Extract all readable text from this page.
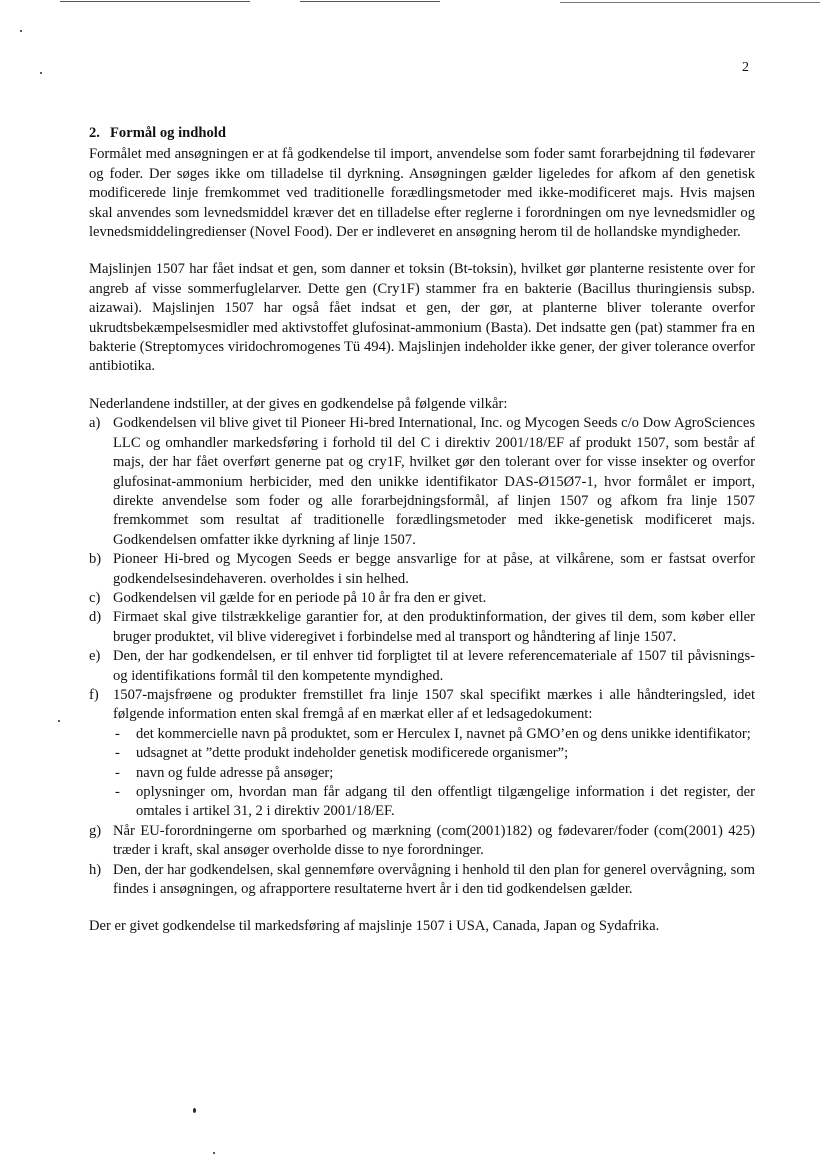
2
2. Formål og indhold

Formålet med ansøgningen er at få godkendelse til import, anvendelse som foder samt forarbejdning til fødevarer og foder. Der søges ikke om tilladelse til dyrkning. Ansøgningen gælder ligeledes for afkom af den genetisk modificerede linje fremkommet ved traditionelle forædlingsmetoder med ikke-modificeret majs. Hvis majsen skal anvendes som levnedsmiddel kræver det en tilladelse efter reglerne i forordningen om nye levnedsmidler og levnedsmiddelingredienser (Novel Food). Der er indleveret en ansøgning herom til de hollandske myndigheder.

Majslinjen 1507 har fået indsat et gen, som danner et toksin (Bt-toksin), hvilket gør planterne resistente over for angreb af visse sommerfuglelarver. Dette gen (Cry1F) stammer fra en bakterie (Bacillus thuringiensis subsp. aizawai). Majslinjen 1507 har også fået indsat et gen, der gør, at planterne bliver tolerante overfor ukrudtsbekæmpelsesmidler med aktivstoffet glufosinat-ammonium (Basta). Det indsatte gen (pat) stammer fra en bakterie (Streptomyces viridochromogenes Tü 494). Majslinjen indeholder ikke gener, der giver tolerance overfor antibiotika.

Nederlandene indstiller, at der gives en godkendelse på følgende vilkår:

a) Godkendelsen vil blive givet til Pioneer Hi-bred International, Inc. og Mycogen Seeds c/o Dow AgroSciences LLC og omhandler markedsføring i forhold til del C i direktiv 2001/18/EF af produkt 1507, som består af majs, der har fået overført generne pat og cry1F, hvilket gør den tolerant over for visse insekter og overfor glufosinat-ammonium herbicider, med den unikke identifikator DAS-Ø15Ø7-1, hvor formålet er import, direkte anvendelse som foder og alle forarbejdningsformål, af linjen 1507 og afkom fra linje 1507 fremkommet som resultat af traditionelle forædlingsmetoder med ikke-genetisk modificeret majs. Godkendelsen omfatter ikke dyrkning af linje 1507.
b) Pioneer Hi-bred og Mycogen Seeds er begge ansvarlige for at påse, at vilkårene, som er fastsat overfor godkendelsesindehaveren. overholdes i sin helhed.
c) Godkendelsen vil gælde for en periode på 10 år fra den er givet.
d) Firmaet skal give tilstrækkelige garantier for, at den produktinformation, der gives til dem, som køber eller bruger produktet, vil blive videregivet i forbindelse med al transport og håndtering af linje 1507.
e) Den, der har godkendelsen, er til enhver tid forpligtet til at levere referencemateriale af 1507 til påvisnings- og identifikations formål til den kompetente myndighed.
f) 1507-majsfrøene og produkter fremstillet fra linje 1507 skal specifikt mærkes i alle håndteringsled, idet følgende information enten skal fremgå af en mærkat eller af et ledsagedokument:
- det kommercielle navn på produktet, som er Herculex I, navnet på GMO’en og dens unikke identifikator;
- udsagnet at ”dette produkt indeholder genetisk modificerede organismer”;
- navn og fulde adresse på ansøger;
- oplysninger om, hvordan man får adgang til den offentligt tilgængelige information i det register, der omtales i artikel 31, 2 i direktiv 2001/18/EF.
g) Når EU-forordningerne om sporbarhed og mærkning (com(2001)182) og fødevarer/foder (com(2001) 425) træder i kraft, skal ansøger overholde disse to nye forordninger.
h) Den, der har godkendelsen, skal gennemføre overvågning i henhold til den plan for generel overvågning, som findes i ansøgningen, og afrapportere resultaterne hvert år i den tid godkendelsen gælder.

Der er givet godkendelse til markedsføring af majslinje 1507 i USA, Canada, Japan og Sydafrika.
